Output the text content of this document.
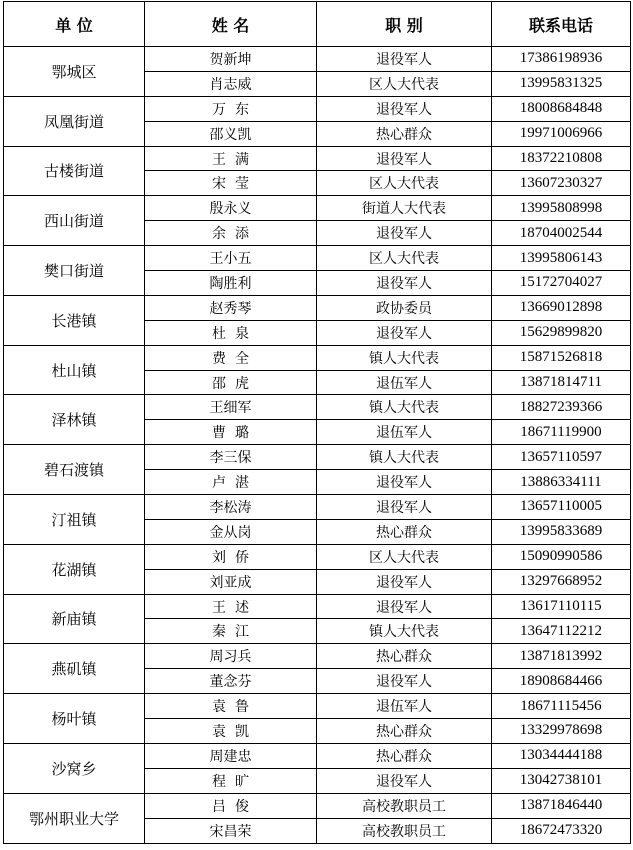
单 位	姓 名	职 别	联系电话
鄂城区	贺新坤	退役军人	17386198936
	肖志威	区人大代表	13995831325
凤凰街道	万  东	退役军人	18008684848
	邵义凯	热心群众	19971006966
古楼街道	王  满	退役军人	18372210808
	宋  莹	区人大代表	13607230327
西山街道	殷永义	街道人大代表	13995808998
	余  添	退役军人	18704002544
樊口街道	王小五	区人大代表	13995806143
	陶胜利	退役军人	15172704027
长港镇	赵秀琴	政协委员	13669012898
	杜  泉	退役军人	15629899820
杜山镇	费  全	镇人大代表	15871526818
	邵  虎	退伍军人	13871814711
泽林镇	王细军	镇人大代表	18827239366
	曹  璐	退伍军人	18671119900
碧石渡镇	李三保	镇人大代表	13657110597
	卢  湛	退役军人	13886334111
汀祖镇	李松涛	退役军人	13657110005
	金从岗	热心群众	13995833689
花湖镇	刘  侨	区人大代表	15090990586
	刘亚成	退役军人	13297668952
新庙镇	王  述	退役军人	13617110115
	秦  江	镇人大代表	13647112212
燕矶镇	周习兵	热心群众	13871813992
	董念芬	退役军人	18908684466
杨叶镇	袁  鲁	退伍军人	18671115456
	袁  凯	热心群众	13329978698
沙窝乡	周建忠	热心群众	13034444188
	程  旷	退役军人	13042738101
鄂州职业大学	吕  俊	高校教职员工	13871846440
	宋昌荣	高校教职员工	18672473320
